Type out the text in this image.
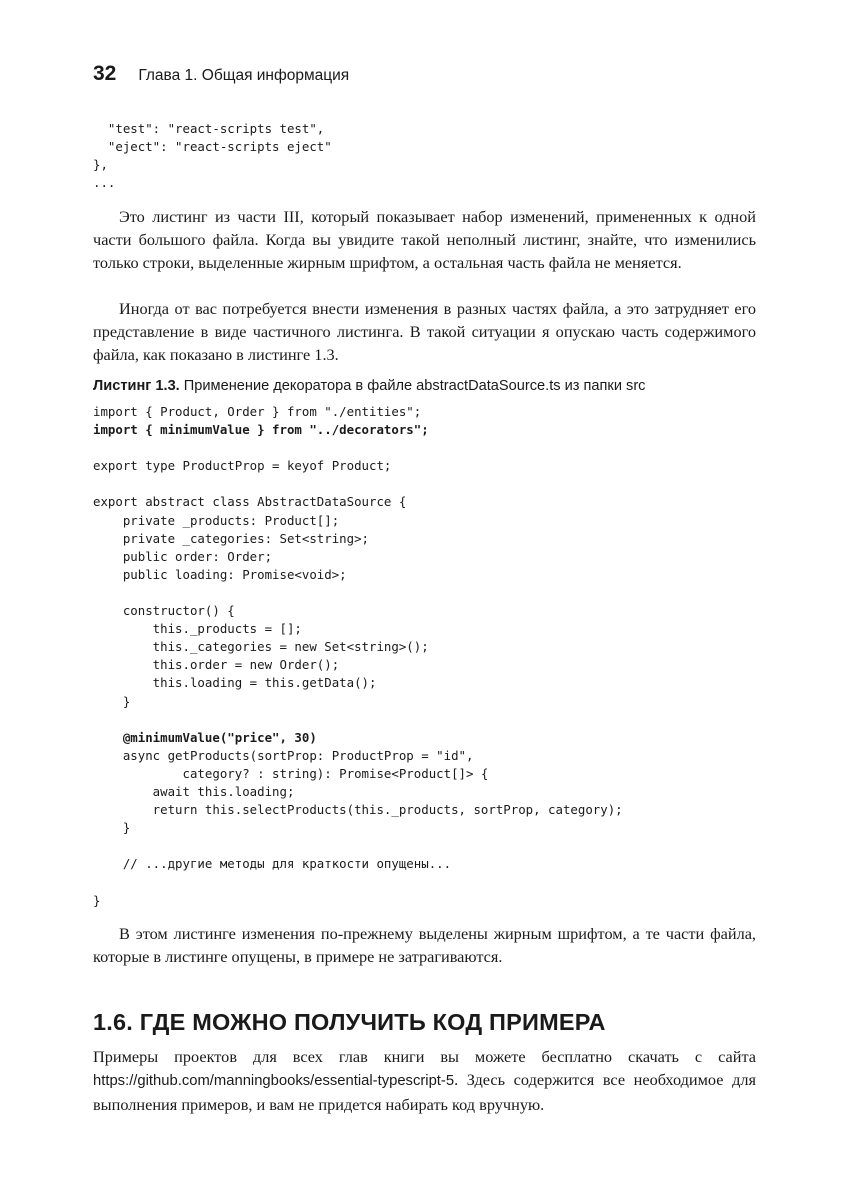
32 Глава 1. Общая информация
"test": "react-scripts test",
"eject": "react-scripts eject"
},
...

Это листинг из части III, который показывает набор изменений, примененных к одной части большого файла. Когда вы увидите такой неполный листинг, знайте, что изменились только строки, выделенные жирным шрифтом, а остальная часть файла не меняется.

Иногда от вас потребуется внести изменения в разных частях файла, а это затрудняет его представление в виде частичного листинга. В такой ситуации я опускаю часть содержимого файла, как показано в листинге 1.3.

Листинг 1.3. Применение декоратора в файле abstractDataSource.ts из папки src
import { Product, Order } from "./entities";
import { minimumValue } from "../decorators";

export type ProductProp = keyof Product;

export abstract class AbstractDataSource {
private _products: Product[];
private _categories: Set<string>;
public order: Order;
public loading: Promise<void>;

constructor() {
this._products = [];
this._categories = new Set<string>();
this.order = new Order();
this.loading = this.getData();
}

@minimumValue("price", 30)
async getProducts(sortProp: ProductProp = "id",
category? : string): Promise<Product[]> {
await this.loading;
return this.selectProducts(this._products, sortProp, category);
}

// ...другие методы для краткости опущены...

}

В этом листинге изменения по-прежнему выделены жирным шрифтом, а те части файла, которые в листинге опущены, в примере не затрагиваются.

1.6. ГДЕ МОЖНО ПОЛУЧИТЬ КОД ПРИМЕРА

Примеры проектов для всех глав книги вы можете бесплатно скачать с сайта https://github.com/manningbooks/essential-typescript-5. Здесь содержится все необходимое для выполнения примеров, и вам не придется набирать код вручную.
